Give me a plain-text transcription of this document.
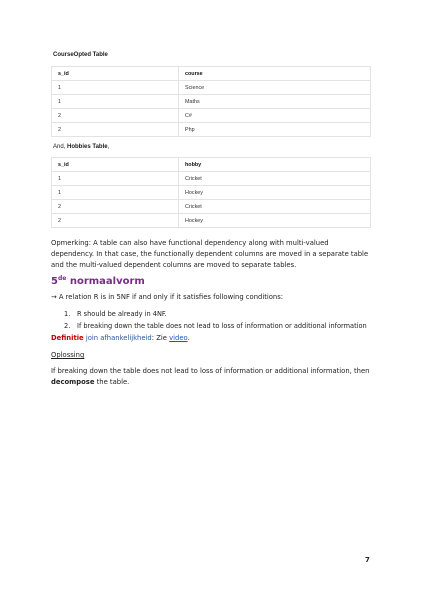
CourseOpted Table
s_id	course
1	Science
1	Maths
2	C#
2	Php
And, Hobbies Table,
s_id	hobby
1	Cricket
1	Hockey
2	Cricket
2	Hockey
Opmerking: A table can also have functional dependency along with multi-valued dependency. In that case, the functionally dependent columns are moved in a separate table and the multi-valued dependent columns are moved to separate tables.
5de normaalvorm
→ A relation R is in 5NF if and only if it satisfies following conditions:
1. R should be already in 4NF.
2. If breaking down the table does not lead to loss of information or additional information
Definitie join afhankelijkheid: Zie video.
Oplossing
If breaking down the table does not lead to loss of information or additional information, then decompose the table.
7
